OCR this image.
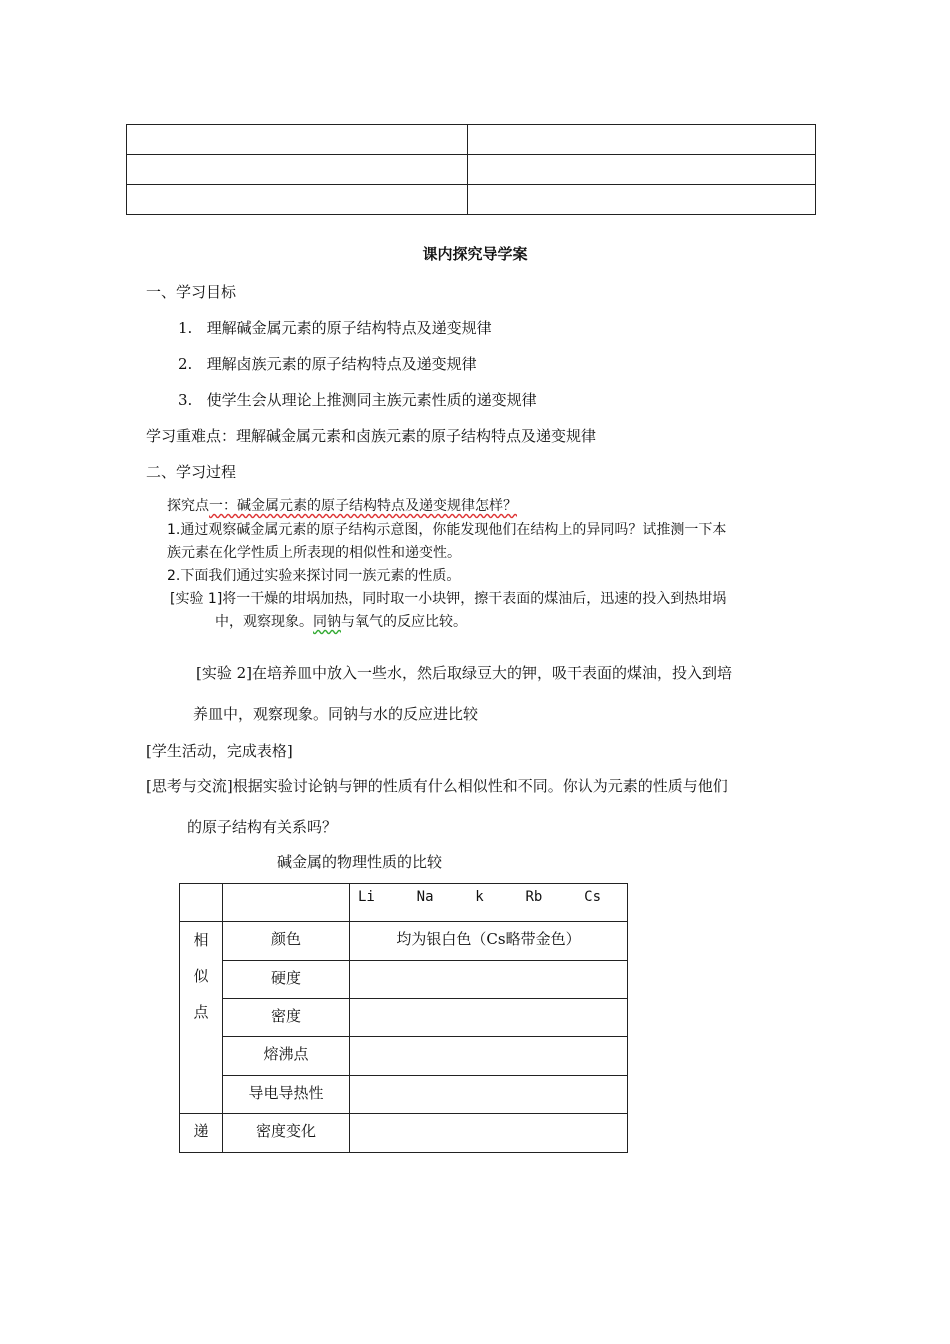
课内探究导学案
一、学习目标
1. 理解碱金属元素的原子结构特点及递变规律
2. 理解卤族元素的原子结构特点及递变规律
3. 使学生会从理论上推测同主族元素性质的递变规律
学习重难点：理解碱金属元素和卤族元素的原子结构特点及递变规律
二、学习过程
探究点一：碱金属元素的原子结构特点及递变规律怎样？
1.通过观察碱金属元素的原子结构示意图，你能发现他们在结构上的异同吗？试推测一下本
族元素在化学性质上所表现的相似性和递变性。
2.下面我们通过实验来探讨同一族元素的性质。
[实验 1]将一干燥的坩埚加热，同时取一小块钾，擦干表面的煤油后，迅速的投入到热坩埚
中，观察现象。同钠与氧气的反应比较。
[实验 2]在培养皿中放入一些水，然后取绿豆大的钾，吸干表面的煤油，投入到培
养皿中，观察现象。同钠与水的反应进比较
[学生活动，完成表格]
[思考与交流]根据实验讨论钠与钾的性质有什么相似性和不同。你认为元素的性质与他们
的原子结构有关系吗？
碱金属的物理性质的比较

		Li Na k Rb Cs

相
似
点	颜色	均为银白色（Cs略带金色）
	硬度	
	密度	
	熔沸点	
	导电导热性	
递	密度变化	
